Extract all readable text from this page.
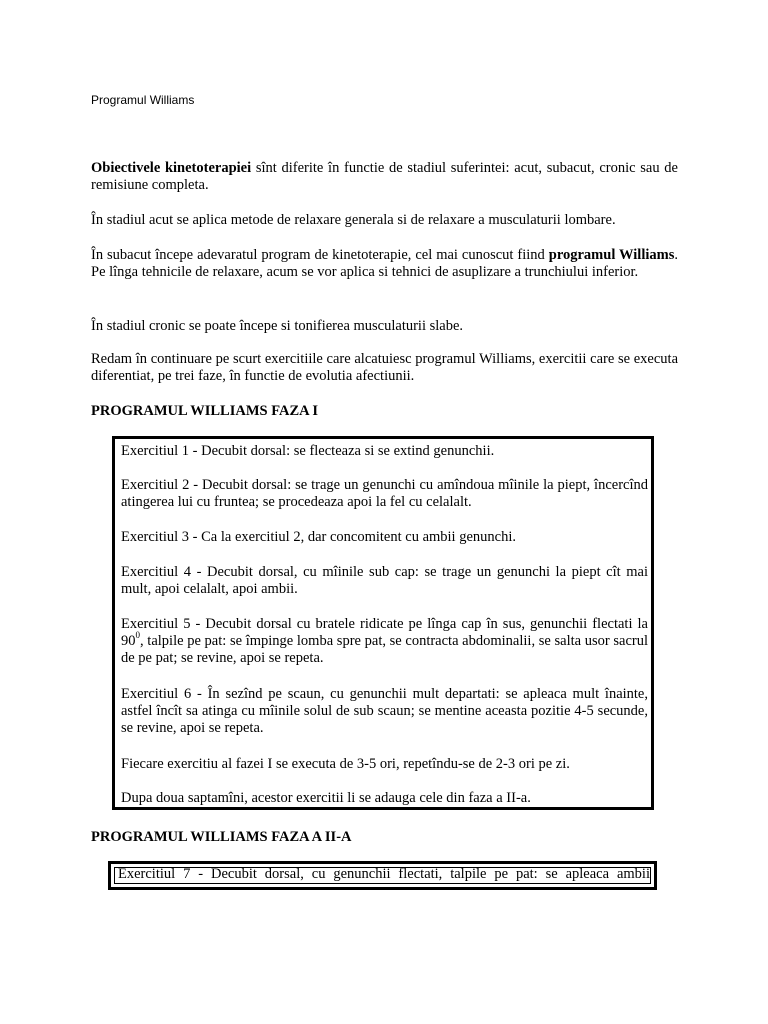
Programul Williams

Obiectivele kinetoterapiei sînt diferite în functie de stadiul suferintei: acut, subacut, cronic sau de remisiune completa.

În stadiul acut se aplica metode de relaxare generala si de relaxare a musculaturii lombare.

În subacut începe adevaratul program de kinetoterapie, cel mai cunoscut fiind programul Williams. Pe lînga tehnicile de relaxare, acum se vor aplica si tehnici de asuplizare a trunchiului inferior.

În stadiul cronic se poate începe si tonifierea musculaturii slabe.

Redam în continuare pe scurt exercitiile care alcatuiesc programul Williams, exercitii care se executa diferentiat, pe trei faze, în functie de evolutia afectiunii.

PROGRAMUL WILLIAMS FAZA I

Exercitiul 1 - Decubit dorsal: se flecteaza si se extind genunchii.

Exercitiul 2 - Decubit dorsal: se trage un genunchi cu amîndoua mîinile la piept, încercînd atingerea lui cu fruntea; se procedeaza apoi la fel cu celalalt.

Exercitiul 3 - Ca la exercitiul 2, dar concomitent cu ambii genunchi.

Exercitiul 4 - Decubit dorsal, cu mîinile sub cap: se trage un genunchi la piept cît mai mult, apoi celalalt, apoi ambii.

Exercitiul 5 - Decubit dorsal cu bratele ridicate pe lînga cap în sus, genunchii flectati la $90^0$, talpile pe pat: se împinge lomba spre pat, se contracta abdominalii, se salta usor sacrul de pe pat; se revine, apoi se repeta.

Exercitiul 6 - În sezînd pe scaun, cu genunchii mult departati: se apleaca mult înainte, astfel încît sa atinga cu mîinile solul de sub scaun; se mentine aceasta pozitie 4-5 secunde, se revine, apoi se repeta.

Fiecare exercitiu al fazei I se executa de 3-5 ori, repetîndu-se de 2-3 ori pe zi.

Dupa doua saptamîni, acestor exercitii li se adauga cele din faza a II-a.

PROGRAMUL WILLIAMS FAZA A II-A
Exercitiul 7 - Decubit dorsal, cu genunchii flectati, talpile pe pat: se apleaca ambii
